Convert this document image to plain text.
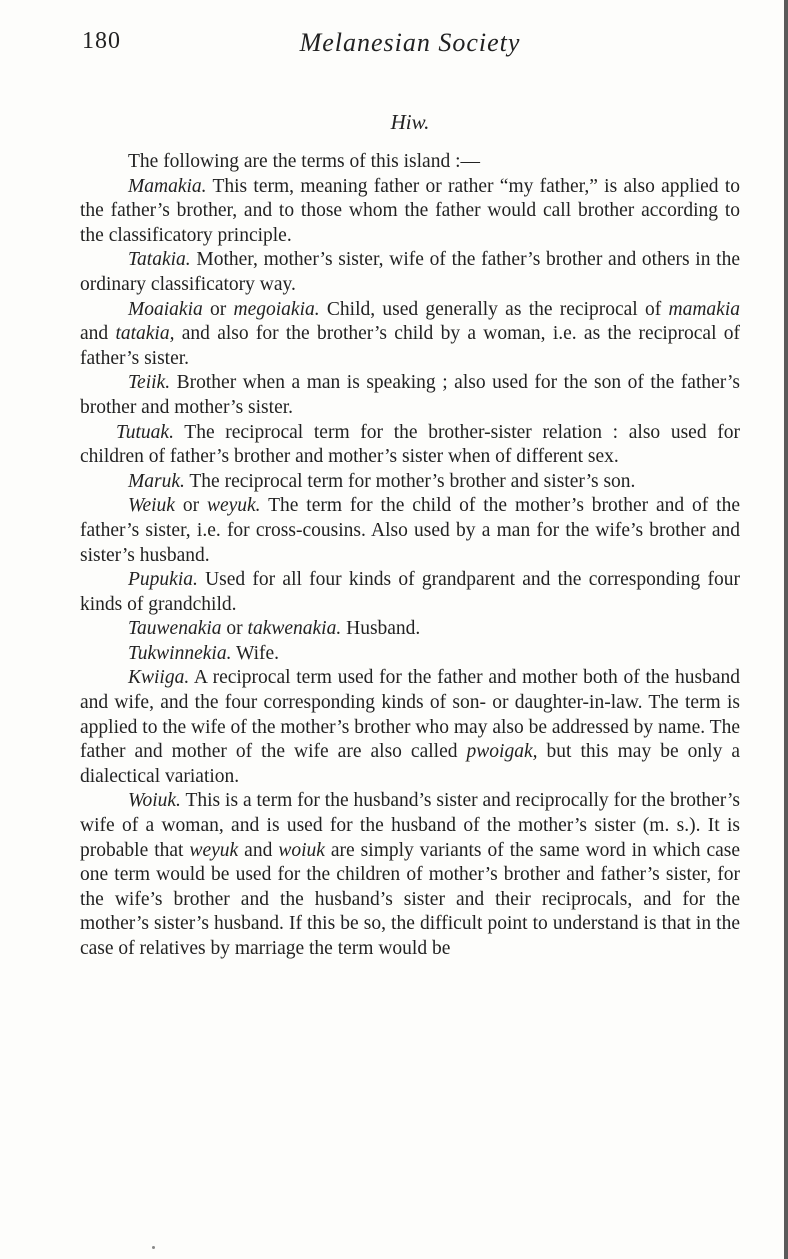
180	Melanesian Society
Hiw.

The following are the terms of this island :—

Mamakia. This term, meaning father or rather “my father,” is also applied to the father’s brother, and to those whom the father would call brother according to the classificatory principle.

Tatakia. Mother, mother’s sister, wife of the father’s brother and others in the ordinary classificatory way.

Moaiakia or megoiakia. Child, used generally as the reciprocal of mamakia and tatakia, and also for the brother’s child by a woman, i.e. as the reciprocal of father’s sister.

Teiik. Brother when a man is speaking ; also used for the son of the father’s brother and mother’s sister.

Tutuak. The reciprocal term for the brother-sister relation : also used for children of father’s brother and mother’s sister when of different sex.

Maruk. The reciprocal term for mother’s brother and sister’s son.

Weiuk or weyuk. The term for the child of the mother’s brother and of the father’s sister, i.e. for cross-cousins. Also used by a man for the wife’s brother and sister’s husband.

Pupukia. Used for all four kinds of grandparent and the corresponding four kinds of grandchild.

Tauwenakia or takwenakia. Husband.

Tukwinnekia. Wife.

Kwiiga. A reciprocal term used for the father and mother both of the husband and wife, and the four corresponding kinds of son- or daughter-in-law. The term is applied to the wife of the mother’s brother who may also be addressed by name. The father and mother of the wife are also called pwoigak, but this may be only a dialectical variation.

Woiuk. This is a term for the husband’s sister and reciprocally for the brother’s wife of a woman, and is used for the husband of the mother’s sister (m. s.). It is probable that weyuk and woiuk are simply variants of the same word in which case one term would be used for the children of mother’s brother and father’s sister, for the wife’s brother and the husband’s sister and their reciprocals, and for the mother’s sister’s husband. If this be so, the difficult point to understand is that in the case of relatives by marriage the term would be
